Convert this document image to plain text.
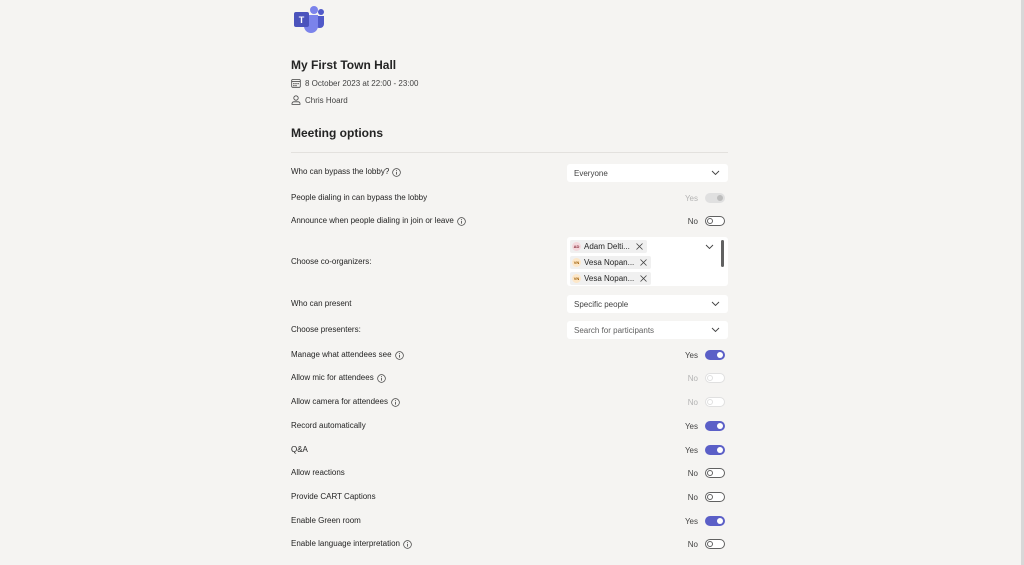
T
My First Town Hall
8 October 2023 at 22:00 - 23:00
Chris Hoard
Meeting options
Who can bypass the lobby?	Everyone
People dialing in can bypass the lobby	Yes
Announce when people dialing in join or leave	No
Choose co-organizers:
AD Adam Delti...
VN Vesa Nopan...
VN Vesa Nopan...
Who can present	Specific people
Choose presenters:	Search for participants
Manage what attendees see	Yes
Allow mic for attendees	No
Allow camera for attendees	No
Record automatically	Yes
Q&A	Yes
Allow reactions	No
Provide CART Captions	No
Enable Green room	Yes
Enable language interpretation	No
